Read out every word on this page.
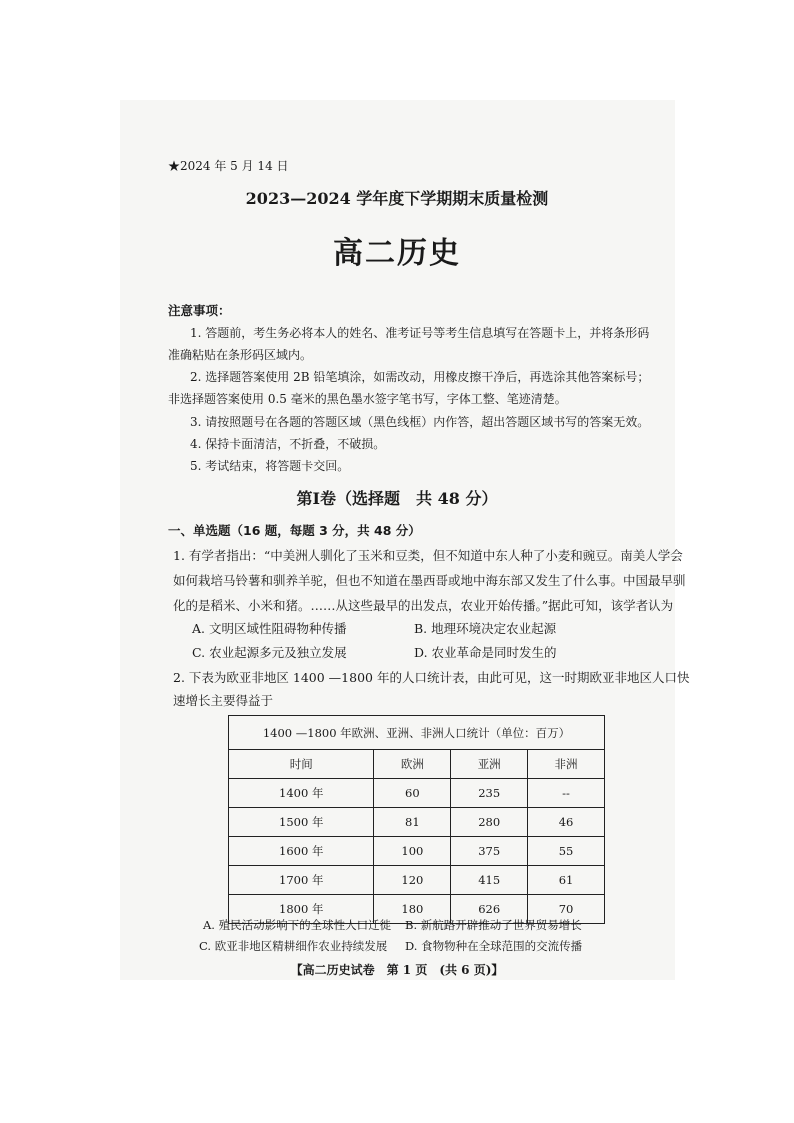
★2024 年 5 月 14 日
2023—2024 学年度下学期期末质量检测
高二历史
注意事项：
1. 答题前，考生务必将本人的姓名、准考证号等考生信息填写在答题卡上，并将条形码
准确粘贴在条形码区域内。
2. 选择题答案使用 2B 铅笔填涂，如需改动，用橡皮擦干净后，再选涂其他答案标号；
非选择题答案使用 0.5 毫米的黑色墨水签字笔书写，字体工整、笔迹清楚。
3. 请按照题号在各题的答题区域（黑色线框）内作答，超出答题区域书写的答案无效。
4. 保持卡面清洁，不折叠，不破损。
5. 考试结束，将答题卡交回。
第Ⅰ卷（选择题　共 48 分）
一、单选题（16 题，每题 3 分，共 48 分）
1. 有学者指出：“中美洲人驯化了玉米和豆类，但不知道中东人种了小麦和豌豆。南美人学会
如何栽培马铃薯和驯养羊驼，但也不知道在墨西哥或地中海东部又发生了什么事。中国最早驯
化的是稻米、小米和猪。……从这些最早的出发点，农业开始传播。”据此可知，该学者认为
A. 文明区域性阻碍物种传播	B. 地理环境决定农业起源
C. 农业起源多元及独立发展	D. 农业革命是同时发生的
2. 下表为欧亚非地区 1400 —1800 年的人口统计表，由此可见，这一时期欧亚非地区人口快
速增长主要得益于
1400 —1800 年欧洲、亚洲、非洲人口统计（单位：百万）			
时间	欧洲	亚洲	非洲
1400 年	60	235	--
1500 年	81	280	46
1600 年	100	375	55
1700 年	120	415	61
1800 年	180	626	70
A. 殖民活动影响下的全球性人口迁徙 B. 新航路开辟推动了世界贸易增长
C. 欧亚非地区精耕细作农业持续发展 D. 食物物种在全球范围的交流传播
【高二历史试卷　第 1 页　(共 6 页)】
